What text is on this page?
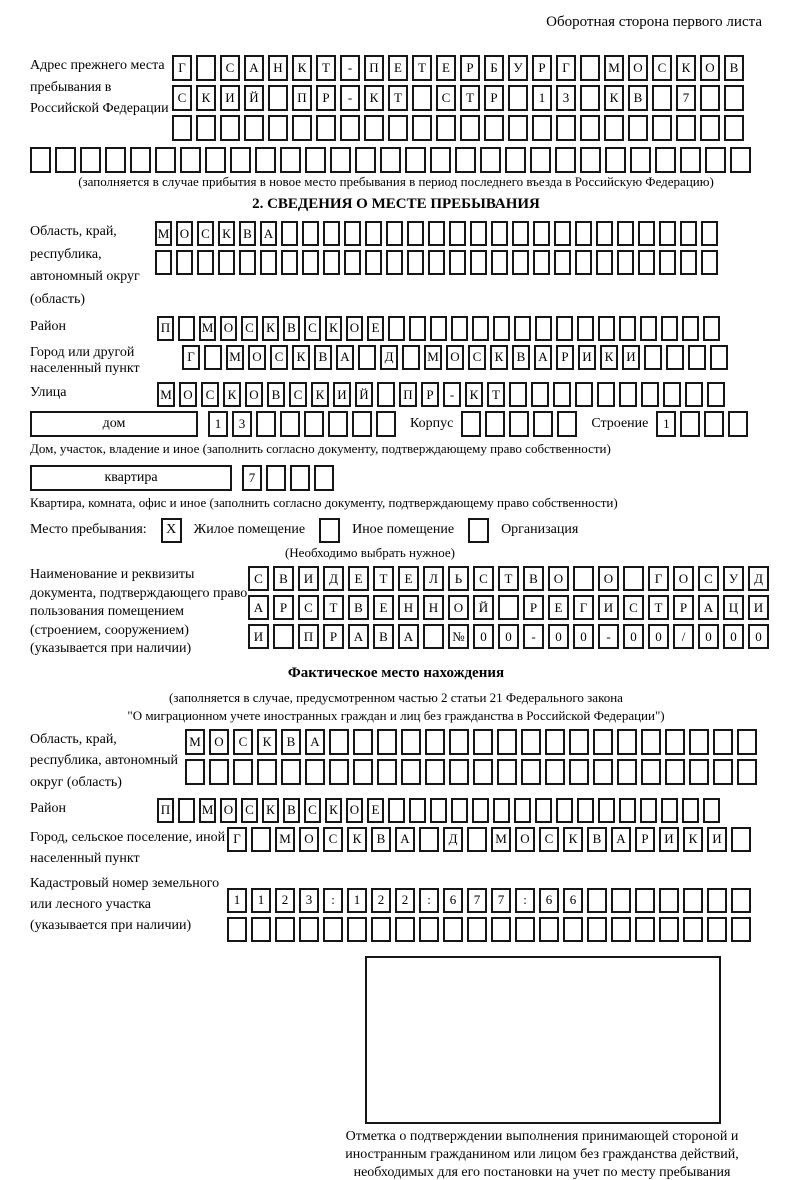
Оборотная сторона первого листа
Адрес прежнего места пребывания в Российской Федерации
Г	С	А	Н	К	Т	-	П	Е	Т	Е	Р	Б	У	Р	Г	М	О	С	К	О	В
С	К	И	Й	П	Р	-	К	Т	С	Т	Р	1	3	К	В	7
(заполняется в случае прибытия в новое место пребывания в период последнего въезда в Российскую Федерацию)
2. СВЕДЕНИЯ О МЕСТЕ ПРЕБЫВАНИЯ
Область, край, республика, автономный округ (область)
М О С К В А
Район	П М О С К В С К О Е
Город или другой населенный пункт
Г	М О С	К	В А	Д	М О С	К	В А	Р	И К И
Улица	М О С	К О В	С	К И Й	П	Р	-	К	Т
дом	1	3	Корпус	Строение	1
Дом, участок, владение и иное (заполнить согласно документу, подтверждающему право собственности)
квартира	7
Квартира, комната, офис и иное (заполнить согласно документу, подтверждающему право собственности)
Место пребывания:	X	Жилое помещение	Иное помещение	Организация
(Необходимо выбрать нужное)
Наименование и реквизиты документа, подтверждающего право пользования помещением (строением, сооружением) (указывается при наличии)
С	В	И	Д	Е	Т	Е	Л	Ь	С	Т	В	О	О	Г	О	С	У	Д
А	Р	С	Т	В	Е	Н	Н	О	Й	Р	Е	Г	И	С	Т	Р	А	Ц	И
И	П	Р	А	В	А	№	0	0	-	0	0	-	0	0	/	0	0	0
Фактическое место нахождения
(заполняется в случае, предусмотренном частью 2 статьи 21 Федерального закона
"О миграционном учете иностранных граждан и лиц без гражданства в Российской Федерации")
Область, край, республика, автономный округ (область)
М	О	С	К	В	А
Район	П М О С К В С К О Е
Город, сельское поселение, иной населенный пункт
Г	М	О	С	К	В	А	Д	М	О	С	К	В	А	Р	И	К	И
Кадастровый номер земельного или лесного участка (указывается при наличии)
1	1	2	3	:	1	2	2	:	6	7	7	:	6	6
Отметка о подтверждении выполнения принимающей стороной и иностранным гражданином или лицом без гражданства действий, необходимых для его постановки на учет по месту пребывания
